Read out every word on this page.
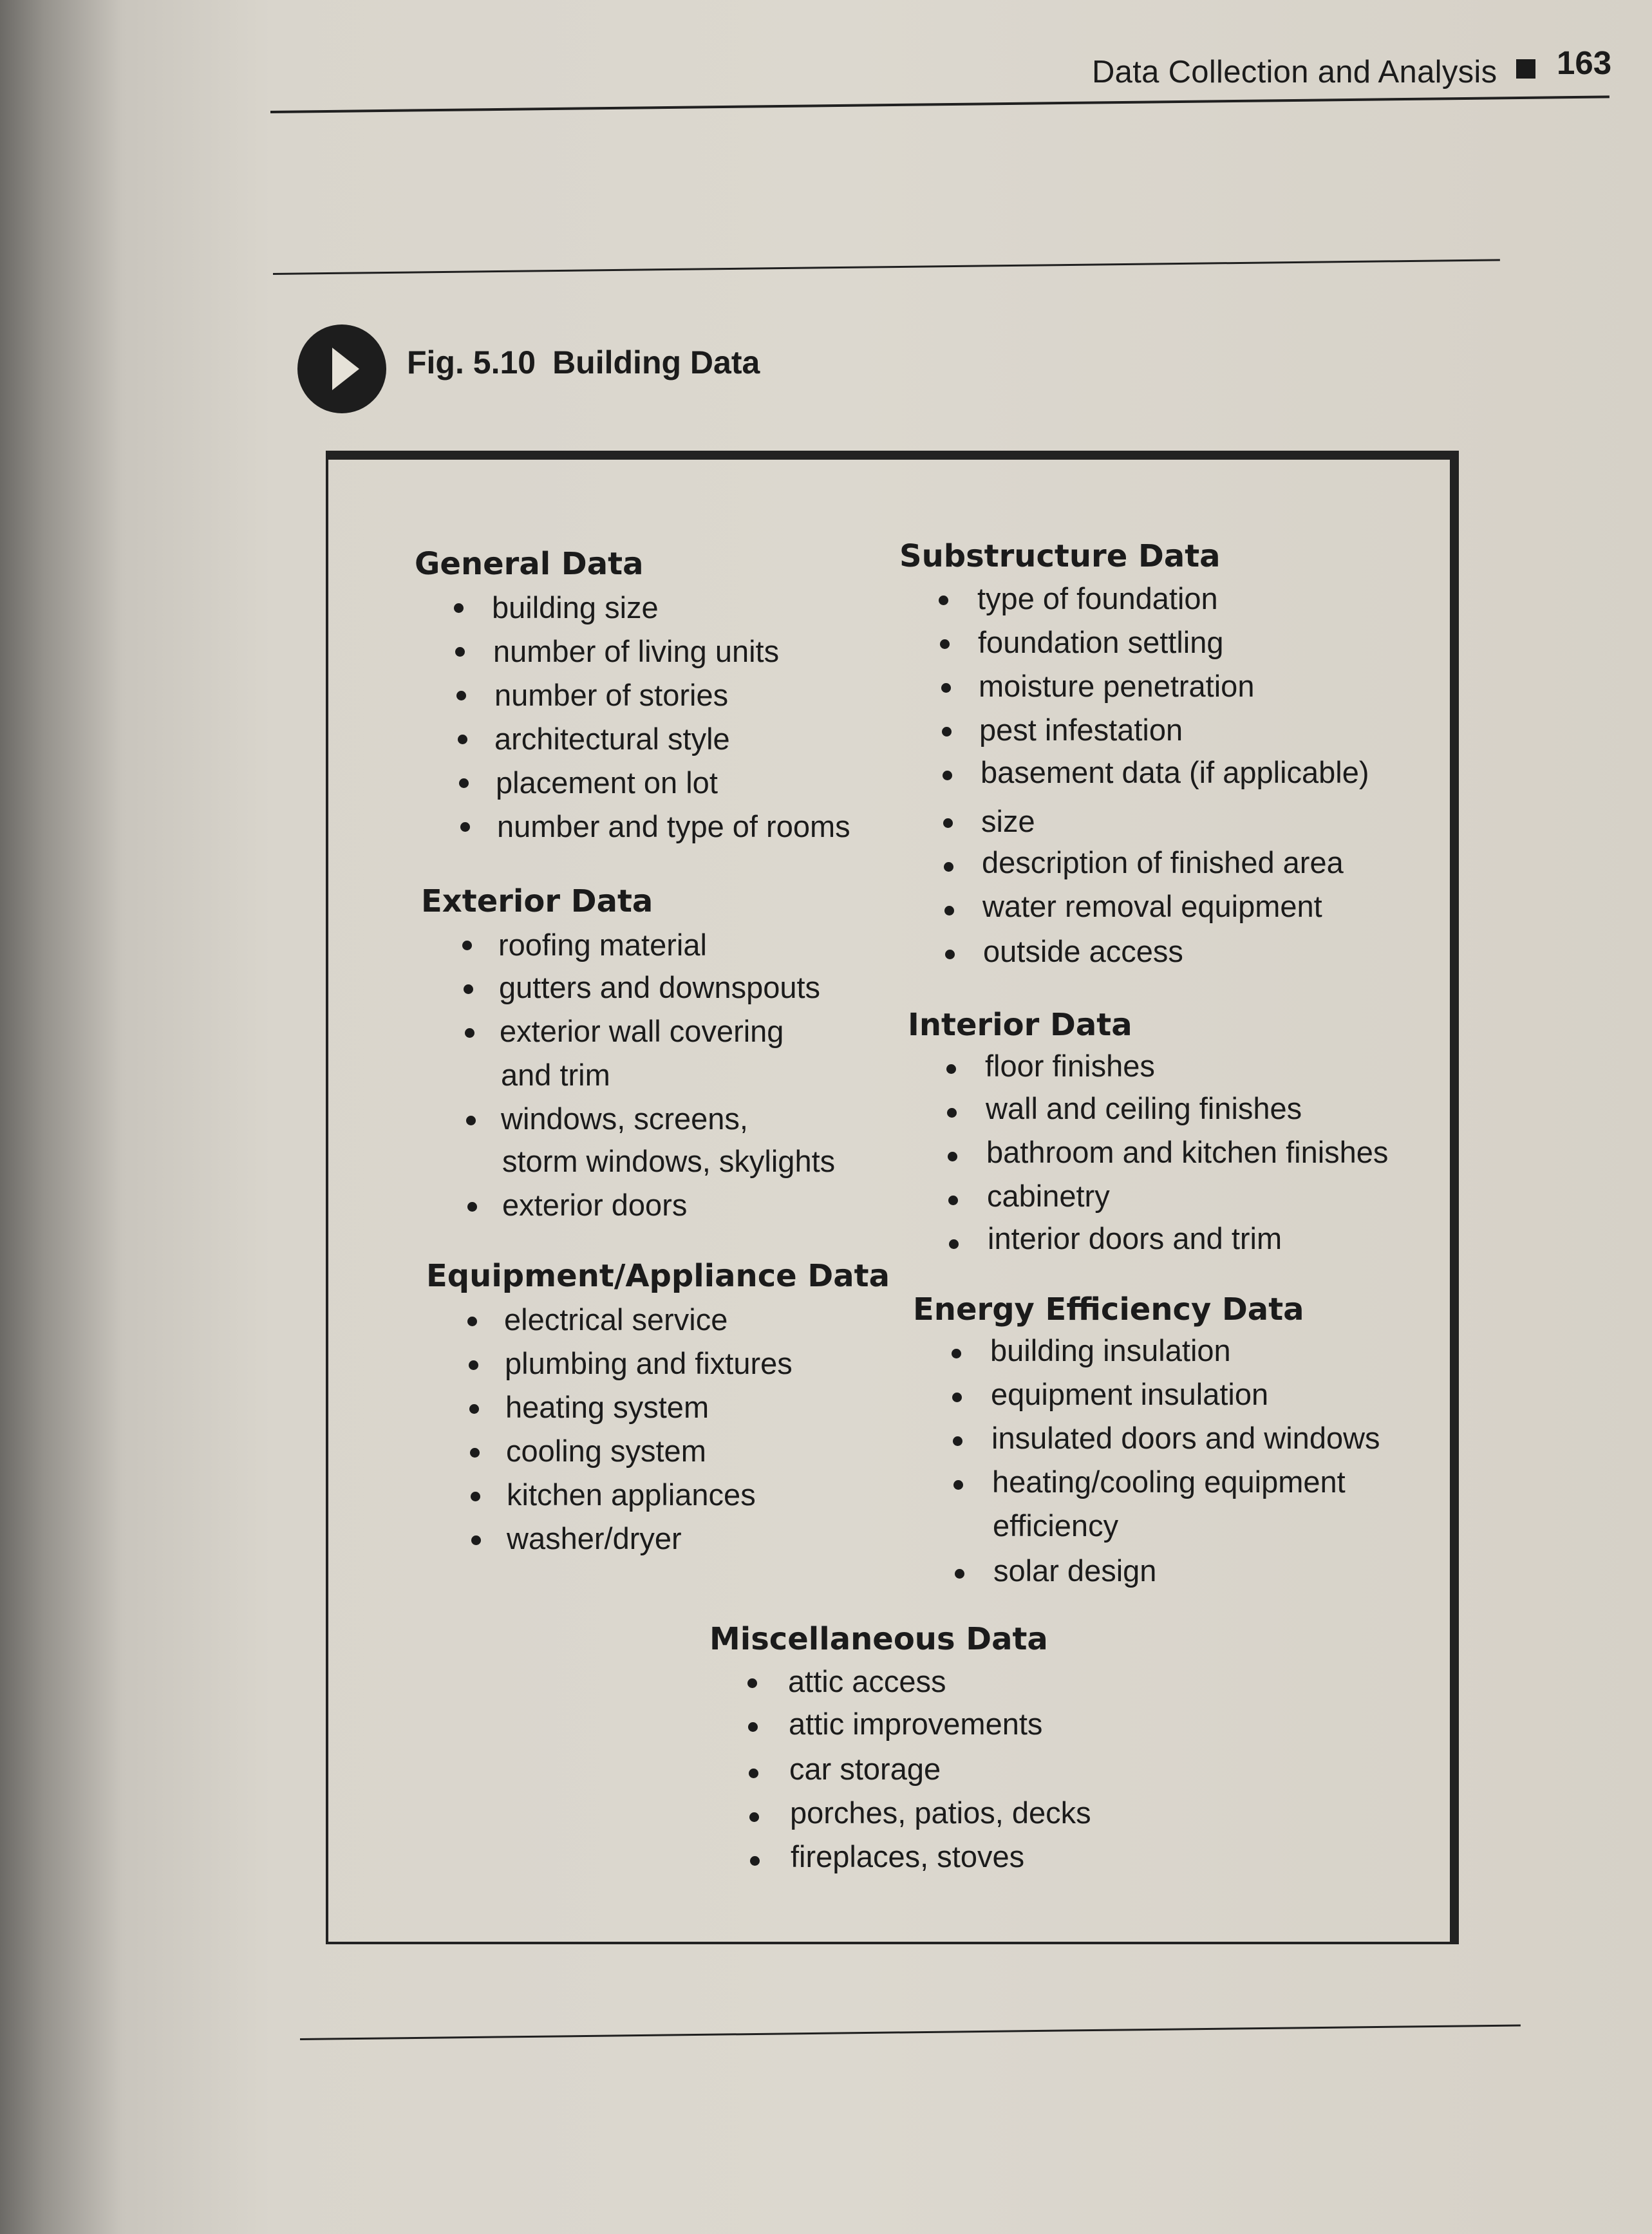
Data Collection and Analysis 163
Fig. 5.10 Building Data
General Data
building size
number of living units
number of stories
architectural style
placement on lot
number and type of rooms
Exterior Data
roofing material
gutters and downspouts
exterior wall covering
and trim
windows, screens,
storm windows, skylights
exterior doors
Equipment/Appliance Data
electrical service
plumbing and fixtures
heating system
cooling system
kitchen appliances
washer/dryer
Substructure Data
type of foundation
foundation settling
moisture penetration
pest infestation
basement data (if applicable)
size
description of finished area
water removal equipment
outside access
Interior Data
floor finishes
wall and ceiling finishes
bathroom and kitchen finishes
cabinetry
interior doors and trim
Energy Efficiency Data
building insulation
equipment insulation
insulated doors and windows
heating/cooling equipment
efficiency
solar design
Miscellaneous Data
attic access
attic improvements
car storage
porches, patios, decks
fireplaces, stoves
